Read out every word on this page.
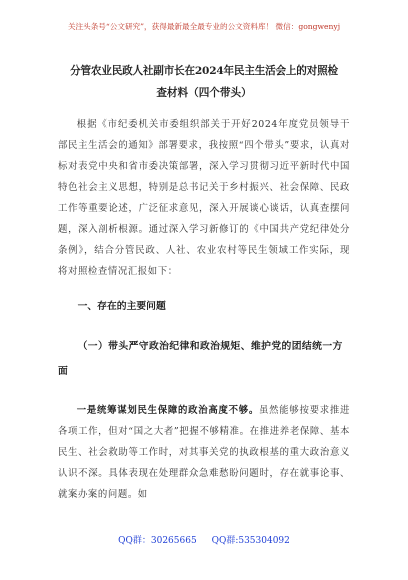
关注头条号“公文研究”，获得最新最全最专业的公文资料库！ 微信：gongwenyj
分管农业民政人社副市长在2024年民主生活会上的对照检
查材料（四个带头）

根据《市纪委机关市委组织部关于开好2024年度党员领导干部民主生活会的通知》部署要求，我按照“四个带头”要求，认真对标对表党中央和省市委决策部署，深入学习贯彻习近平新时代中国特色社会主义思想，特别是总书记关于乡村振兴、社会保障、民政工作等重要论述，广泛征求意见，深入开展谈心谈话，认真查摆问题，深入剖析根源。通过深入学习新修订的《中国共产党纪律处分条例》，结合分管民政、人社、农业农村等民生领域工作实际，现将对照检查情况汇报如下：

一、存在的主要问题
（一）带头严守政治纪律和政治规矩、维护党的团结统一方面

一是统筹谋划民生保障的政治高度不够。虽然能够按要求推进各项工作，但对“国之大者”把握不够精准。在推进养老保障、基本民生、社会救助等工作时，对其事关党的执政根基的重大政治意义认识不深。具体表现在处理群众急难愁盼问题时，存在就事论事、就案办案的问题。如

QQ群：30265665 QQ群:535304092
